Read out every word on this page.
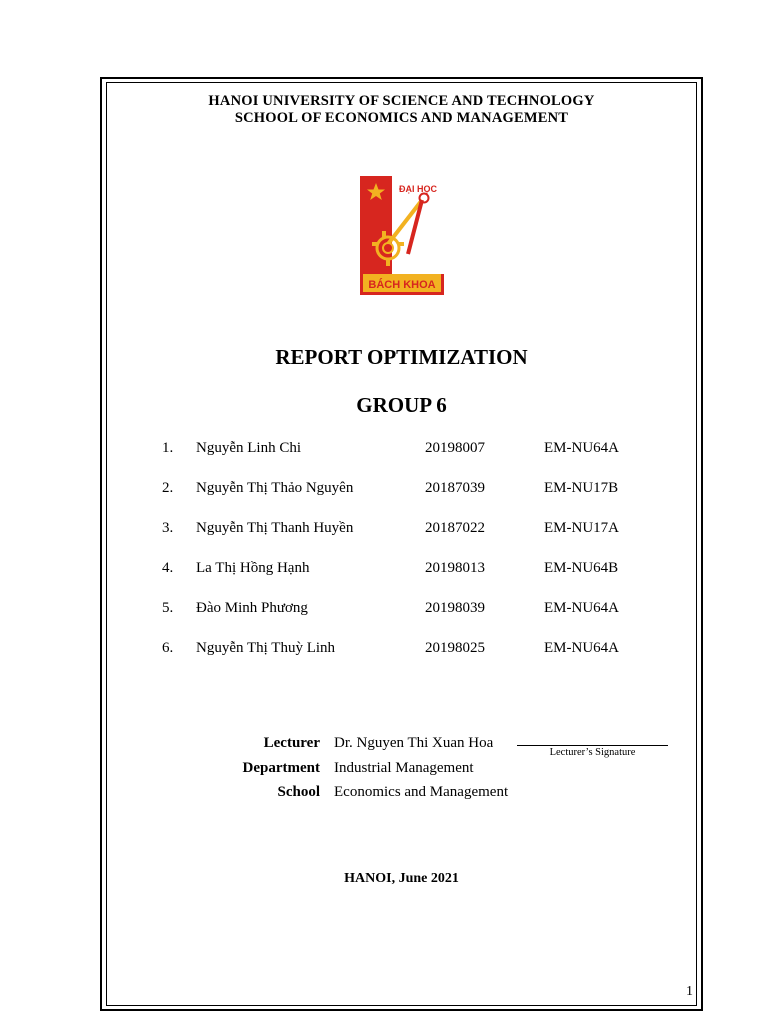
HANOI UNIVERSITY OF SCIENCE AND TECHNOLOGY
SCHOOL OF ECONOMICS AND MANAGEMENT
ĐẠI HỌC
BÁCH KHOA
REPORT OPTIMIZATION
GROUP 6
1. Nguyễn Linh Chi	20198007	EM-NU64A
2. Nguyễn Thị Thảo Nguyên	20187039	EM-NU17B
3. Nguyễn Thị Thanh Huyền	20187022	EM-NU17A
4. La Thị Hồng Hạnh	20198013	EM-NU64B
5. Đào Minh Phương	20198039	EM-NU64A
6. Nguyễn Thị Thuỳ Linh	20198025	EM-NU64A
Lecturer Dr. Nguyen Thi Xuan Hoa
Department Industrial Management
School Economics and Management
Lecturer’s Signature
HANOI, June 2021
1
